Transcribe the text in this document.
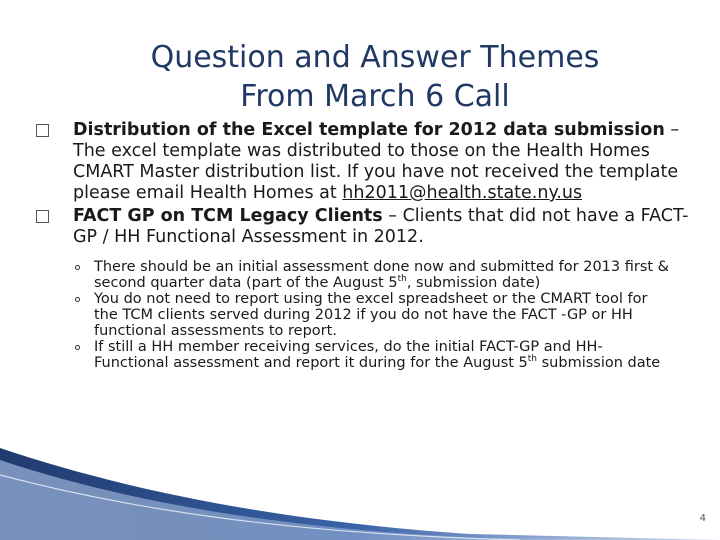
Question and Answer Themes
From March 6 Call

Distribution of the Excel template for 2012 data submission – The excel template was distributed to those on the Health Homes CMART Master distribution list. If you have not received the template please email Health Homes at hh2011@health.state.ny.us

FACT GP on TCM Legacy Clients – Clients that did not have a FACT-GP / HH Functional Assessment in 2012.

There should be an initial assessment done now and submitted for 2013 first & second quarter data (part of the August 5th, submission date)
You do not need to report using the excel spreadsheet or the CMART tool for the TCM clients served during 2012 if you do not have the FACT -GP or HH functional assessments to report.
If still a HH member receiving services, do the initial FACT-GP and HH-Functional assessment and report it during for the August 5th submission date
4
